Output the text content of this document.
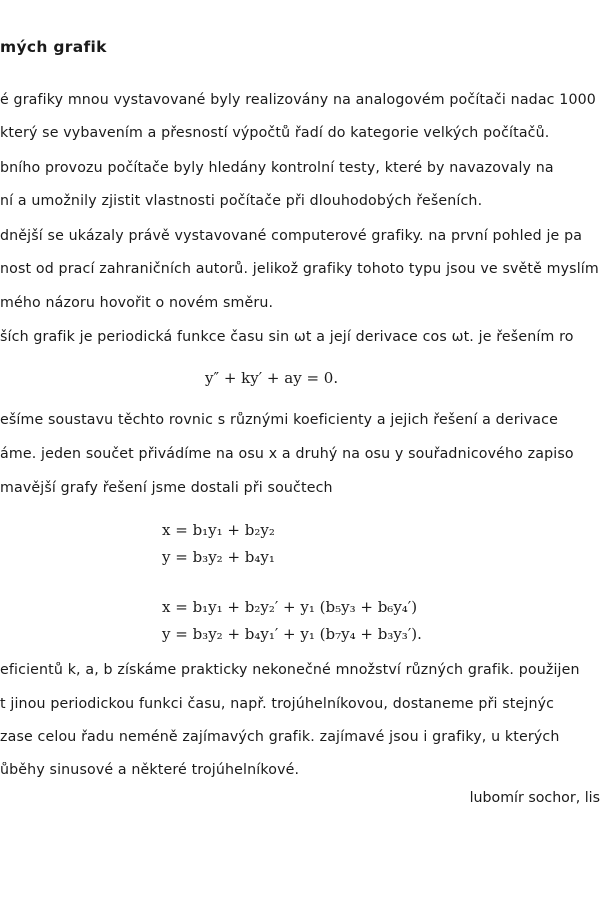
mých grafik
é grafiky mnou vystavované byly realizovány na analogovém počítači nadac 1000
který se vybavením a přesností výpočtů řadí do kategorie velkých počítačů.
bního provozu počítače byly hledány kontrolní testy, které by navazovaly na
ní a umožnily zjistit vlastnosti počítače při dlouhodobých řešeních.
dnější se ukázaly právě vystavované computerové grafiky. na první pohled je pa
nost od prací zahraničních autorů. jelikož grafiky tohoto typu jsou ve světě myslím
mého názoru hovořit o novém směru.
ších grafik je periodická funkce času sin ωt a její derivace cos ωt. je řešením ro
y″ + ky′ + ay = 0.
ešíme soustavu těchto rovnic s různými koeficienty a jejich řešení a derivace
áme. jeden součet přivádíme na osu x a druhý na osu y souřadnicového zapiso
mavější grafy řešení jsme dostali při součtech
x = b₁y₁ + b₂y₂
y = b₃y₂ + b₄y₁
x = b₁y₁ + b₂y₂′ + y₁ (b₅y₃ + b₆y₄′)
y = b₃y₂ + b₄y₁′ + y₁ (b₇y₄ + b₃y₃′).
eficientů k, a, b získáme prakticky nekonečné množství různých grafik. použijen
t jinou periodickou funkci času, např. trojúhelníkovou, dostaneme při stejnýc
zase celou řadu neméně zajímavých grafik. zajímavé jsou i grafiky, u kterých
ůběhy sinusové a některé trojúhelníkové.
lubomír sochor, lis
